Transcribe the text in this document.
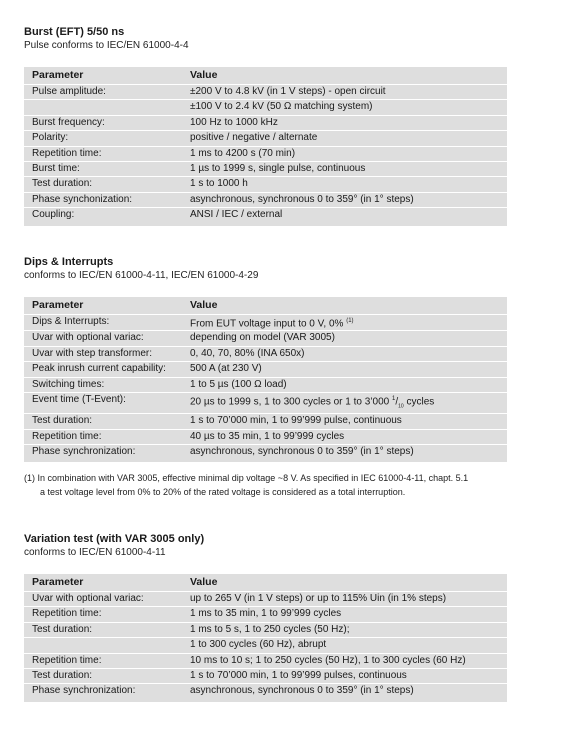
Burst (EFT) 5/50 ns

Pulse conforms to IEC/EN 61000-4-4

Parameter	Value
Pulse amplitude:	±200 V to 4.8 kV (in 1 V steps) - open circuit
	±100 V to 2.4 kV (50 Ω matching system)
Burst frequency:	100 Hz to 1000 kHz
Polarity:	positive / negative / alternate
Repetition time:	1 ms to 4200 s (70 min)
Burst time:	1 µs to 1999 s, single pulse, continuous
Test duration:	1 s to 1000 h
Phase synchonization:	asynchronous, synchronous 0 to 359° (in 1° steps)
Coupling:	ANSI / IEC / external

Dips & Interrupts

conforms to IEC/EN 61000-4-11, IEC/EN 61000-4-29

Parameter	Value
Dips & Interrupts:	From EUT voltage input to 0 V, 0% $^{(1)}$
Uvar with optional variac:	depending on model (VAR 3005)
Uvar with step transformer:	0, 40, 70, 80% (INA 650x)
Peak inrush current capability:	500 A (at 230 V)
Switching times:	1 to 5 µs (100 Ω load)
Event time (T-Event):	20 µs to 1999 s, 1 to 300 cycles or 1 to 3’000 $^1/_{10}$ cycles
Test duration:	1 s to 70’000 min, 1 to 99’999 pulse, continuous
Repetition time:	40 µs to 35 min, 1 to 99’999 cycles
Phase synchronization:	asynchronous, synchronous 0 to 359° (in 1° steps)
(1) In combination with VAR 3005, effective minimal dip voltage ~8 V. As specified in IEC 61000-4-11, chapt. 5.1
a test voltage level from 0% to 20% of the rated voltage is considered as a total interruption.

Variation test (with VAR 3005 only)

conforms to IEC/EN 61000-4-11

Parameter	Value
Uvar with optional variac:	up to 265 V (in 1 V steps) or up to 115% Uin (in 1% steps)
Repetition time:	1 ms to 35 min, 1 to 99’999 cycles
Test duration:	1 ms to 5 s, 1 to 250 cycles (50 Hz);
	1 to 300 cycles (60 Hz), abrupt
Repetition time:	10 ms to 10 s; 1 to 250 cycles (50 Hz), 1 to 300 cycles (60 Hz)
Test duration:	1 s to 70’000 min, 1 to 99’999 pulses, continuous
Phase synchronization:	asynchronous, synchronous 0 to 359° (in 1° steps)
